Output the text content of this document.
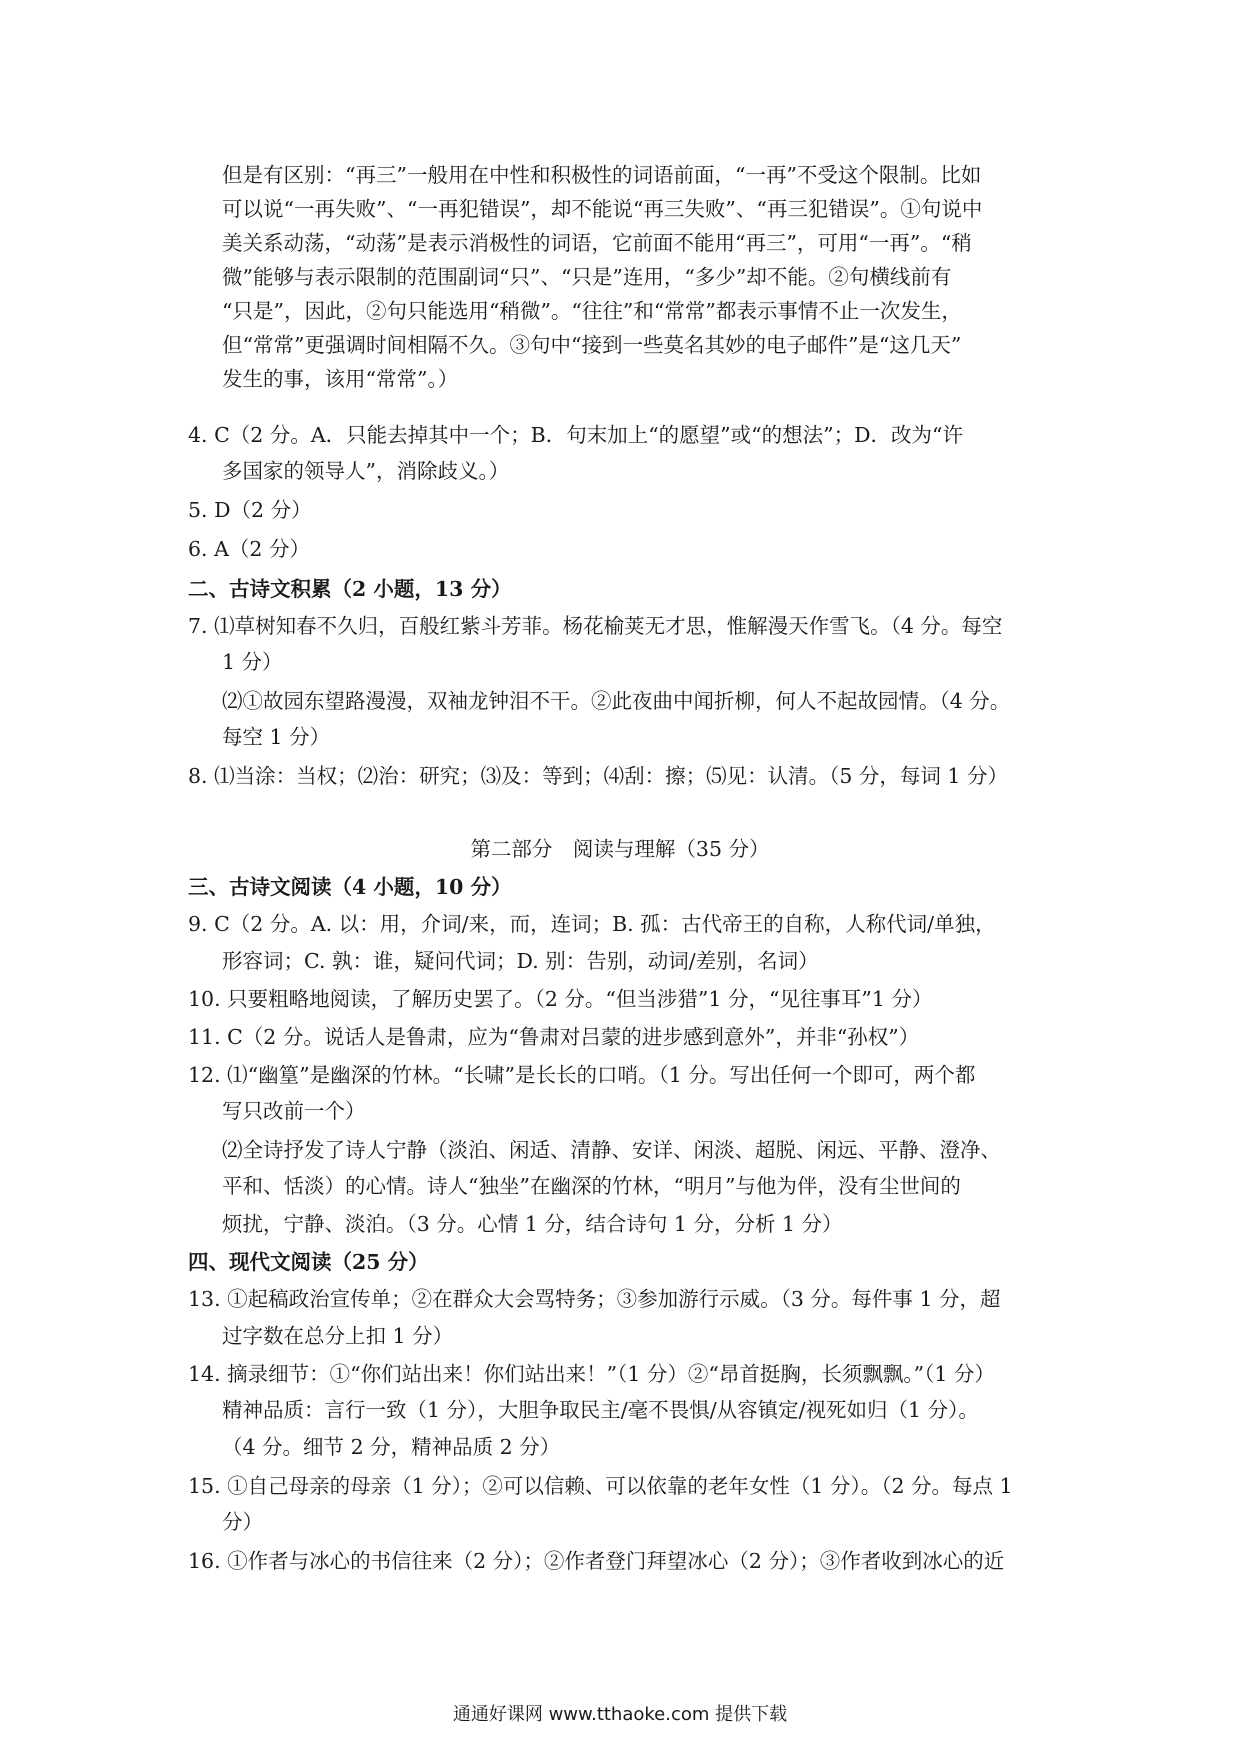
但是有区别：“再三”一般用在中性和积极性的词语前面，“一再”不受这个限制。比如
可以说“一再失败”、“一再犯错误”，却不能说“再三失败”、“再三犯错误”。①句说中
美关系动荡，“动荡”是表示消极性的词语，它前面不能用“再三”，可用“一再”。“稍
微”能够与表示限制的范围副词“只”、“只是”连用，“多少”却不能。②句横线前有
“只是”，因此，②句只能选用“稍微”。“往往”和“常常”都表示事情不止一次发生，
但“常常”更强调时间相隔不久。③句中“接到一些莫名其妙的电子邮件”是“这几天”
发生的事，该用“常常”。）
4. C（2 分。A．只能去掉其中一个；B．句末加上“的愿望”或“的想法”；D．改为“许
多国家的领导人”，消除歧义。）
5. D（2 分）
6. A（2 分）
二、古诗文积累（2 小题，13 分）
7. ⑴草树知春不久归，百般红紫斗芳菲。杨花榆荚无才思，惟解漫天作雪飞。（4 分。每空
1 分）
⑵①故园东望路漫漫，双袖龙钟泪不干。②此夜曲中闻折柳，何人不起故园情。（4 分。
每空 1 分）
8. ⑴当涂：当权；⑵治：研究；⑶及：等到；⑷刮：擦；⑸见：认清。（5 分，每词 1 分）
第二部分　阅读与理解（35 分）
三、古诗文阅读（4 小题，10 分）
9. C（2 分。A. 以：用，介词/来，而，连词；B. 孤：古代帝王的自称，人称代词/单独，
形容词；C. 孰：谁，疑问代词；D. 别：告别，动词/差别，名词）
10. 只要粗略地阅读，了解历史罢了。（2 分。“但当涉猎”1 分，“见往事耳”1 分）
11. C（2 分。说话人是鲁肃，应为“鲁肃对吕蒙的进步感到意外”，并非“孙权”）
12. ⑴“幽篁”是幽深的竹林。“长啸”是长长的口哨。（1 分。写出任何一个即可，两个都
写只改前一个）
⑵全诗抒发了诗人宁静（淡泊、闲适、清静、安详、闲淡、超脱、闲远、平静、澄净、
平和、恬淡）的心情。诗人“独坐”在幽深的竹林，“明月”与他为伴，没有尘世间的
烦扰，宁静、淡泊。（3 分。心情 1 分，结合诗句 1 分，分析 1 分）
四、现代文阅读（25 分）
13. ①起稿政治宣传单；②在群众大会骂特务；③参加游行示威。（3 分。每件事 1 分，超
过字数在总分上扣 1 分）
14. 摘录细节：①“你们站出来！你们站出来！”（1 分）②“昂首挺胸，长须飘飘。”（1 分）
精神品质：言行一致（1 分），大胆争取民主/毫不畏惧/从容镇定/视死如归（1 分）。
（4 分。细节 2 分，精神品质 2 分）
15. ①自己母亲的母亲（1 分）；②可以信赖、可以依靠的老年女性（1 分）。（2 分。每点 1
分）
16. ①作者与冰心的书信往来（2 分）；②作者登门拜望冰心（2 分）；③作者收到冰心的近
通通好课网 www.tthaoke.com 提供下载
